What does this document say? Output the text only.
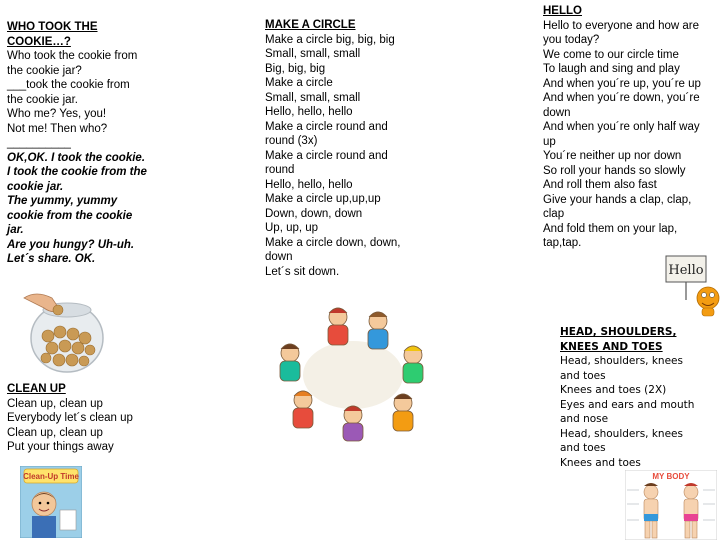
WHO TOOK THE COOKIE…?
Who took the cookie from the cookie jar?
___took the cookie from the cookie jar.
Who me? Yes, you!
Not me! Then who?
__________
OK,OK. I took the cookie.
I took the cookie from the cookie jar.
The yummy, yummy cookie from the cookie jar.
Are you hungy? Uh-uh.
Let´s share. OK.
CLEAN UP
Clean up, clean up
Everybody let´s clean up
Clean up, clean up
Put your things away
Clean-Up Time
MAKE A CIRCLE
Make a circle big, big, big
Small, small, small
Big, big, big
Make a circle
Small, small, small
Hello, hello, hello
Make a circle round and round (3x)
Make a circle round and round
Hello, hello, hello
Make a circle up,up,up
Down, down, down
Up, up, up
Make a circle down, down, down
Let´s sit down.
HELLO
Hello to everyone and how are you today?
We come to our circle time
To laugh and sing and play
And when you´re up, you´re up
And when you´re down, you´re down
And when you´re only half way up
You´re neither up nor down
So roll your hands so slowly
And roll them also fast
Give your hands a clap, clap, clap
And fold them on your lap, tap,tap.
Hello
HEAD, SHOULDERS, KNEES AND TOES
Head, shoulders, knees and toes
Knees and toes (2X)
Eyes and ears and mouth and nose
Head, shoulders, knees and toes
Knees and toes
MY BODY
